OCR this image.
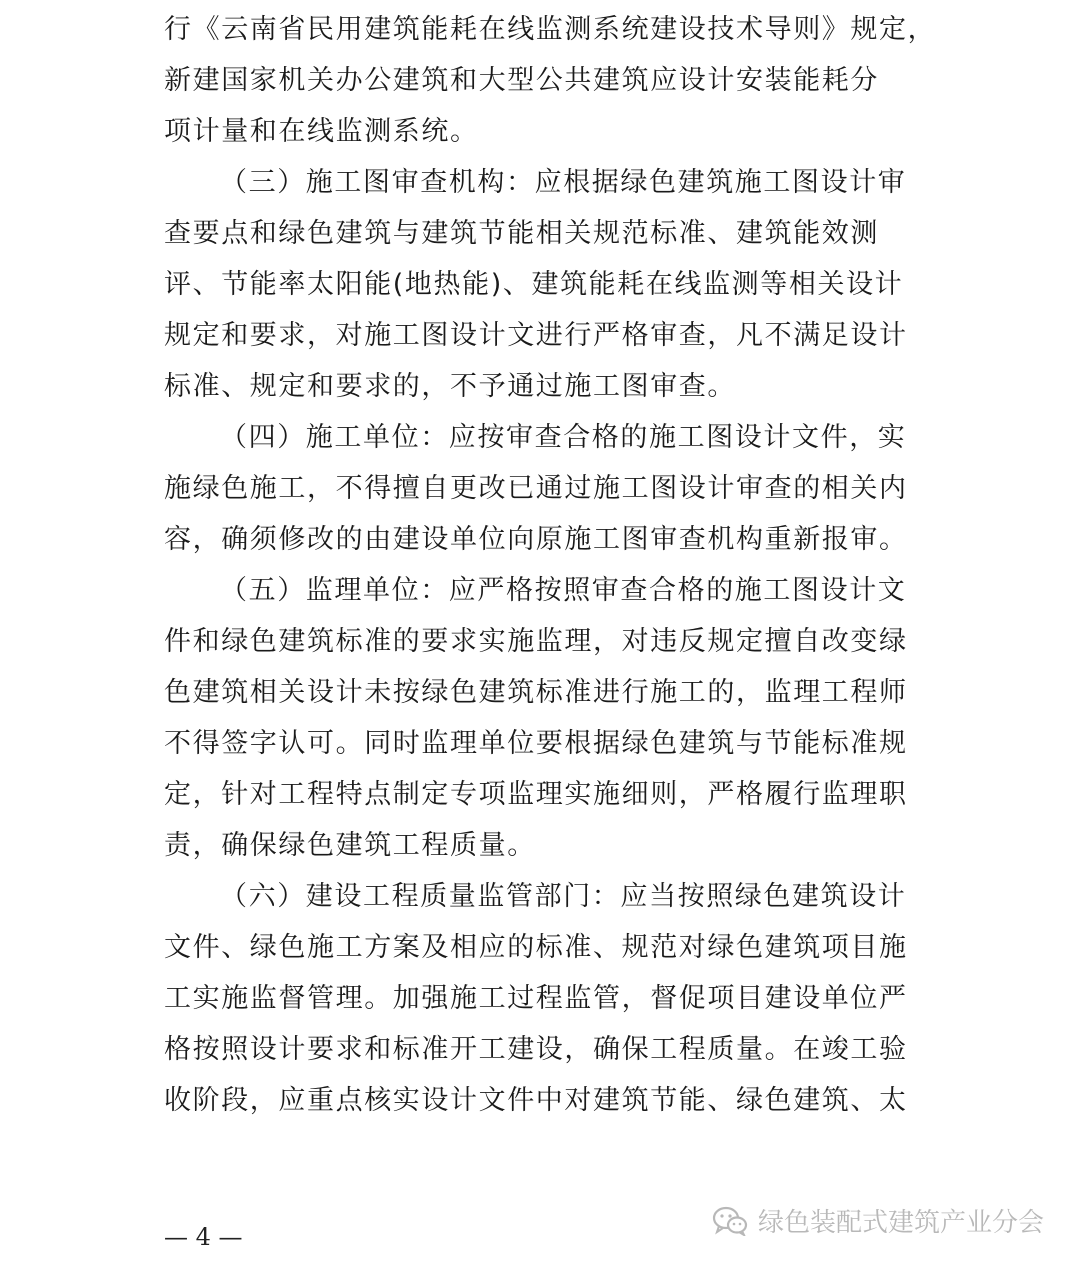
行《云南省民用建筑能耗在线监测系统建设技术导则》规定，
新建国家机关办公建筑和大型公共建筑应设计安装能耗分
项计量和在线监测系统。
（三）施工图审查机构：应根据绿色建筑施工图设计审
查要点和绿色建筑与建筑节能相关规范标准、建筑能效测
评、节能率太阳能(地热能)、建筑能耗在线监测等相关设计
规定和要求，对施工图设计文进行严格审查，凡不满足设计
标准、规定和要求的，不予通过施工图审查。
（四）施工单位：应按审查合格的施工图设计文件，实
施绿色施工，不得擅自更改已通过施工图设计审查的相关内
容，确须修改的由建设单位向原施工图审查机构重新报审。
（五）监理单位：应严格按照审查合格的施工图设计文
件和绿色建筑标准的要求实施监理，对违反规定擅自改变绿
色建筑相关设计未按绿色建筑标准进行施工的，监理工程师
不得签字认可。同时监理单位要根据绿色建筑与节能标准规
定，针对工程特点制定专项监理实施细则，严格履行监理职
责，确保绿色建筑工程质量。
（六）建设工程质量监管部门：应当按照绿色建筑设计
文件、绿色施工方案及相应的标准、规范对绿色建筑项目施
工实施监督管理。加强施工过程监管，督促项目建设单位严
格按照设计要求和标准开工建设，确保工程质量。在竣工验
收阶段，应重点核实设计文件中对建筑节能、绿色建筑、太
— 4 —	绿色装配式建筑产业分会
